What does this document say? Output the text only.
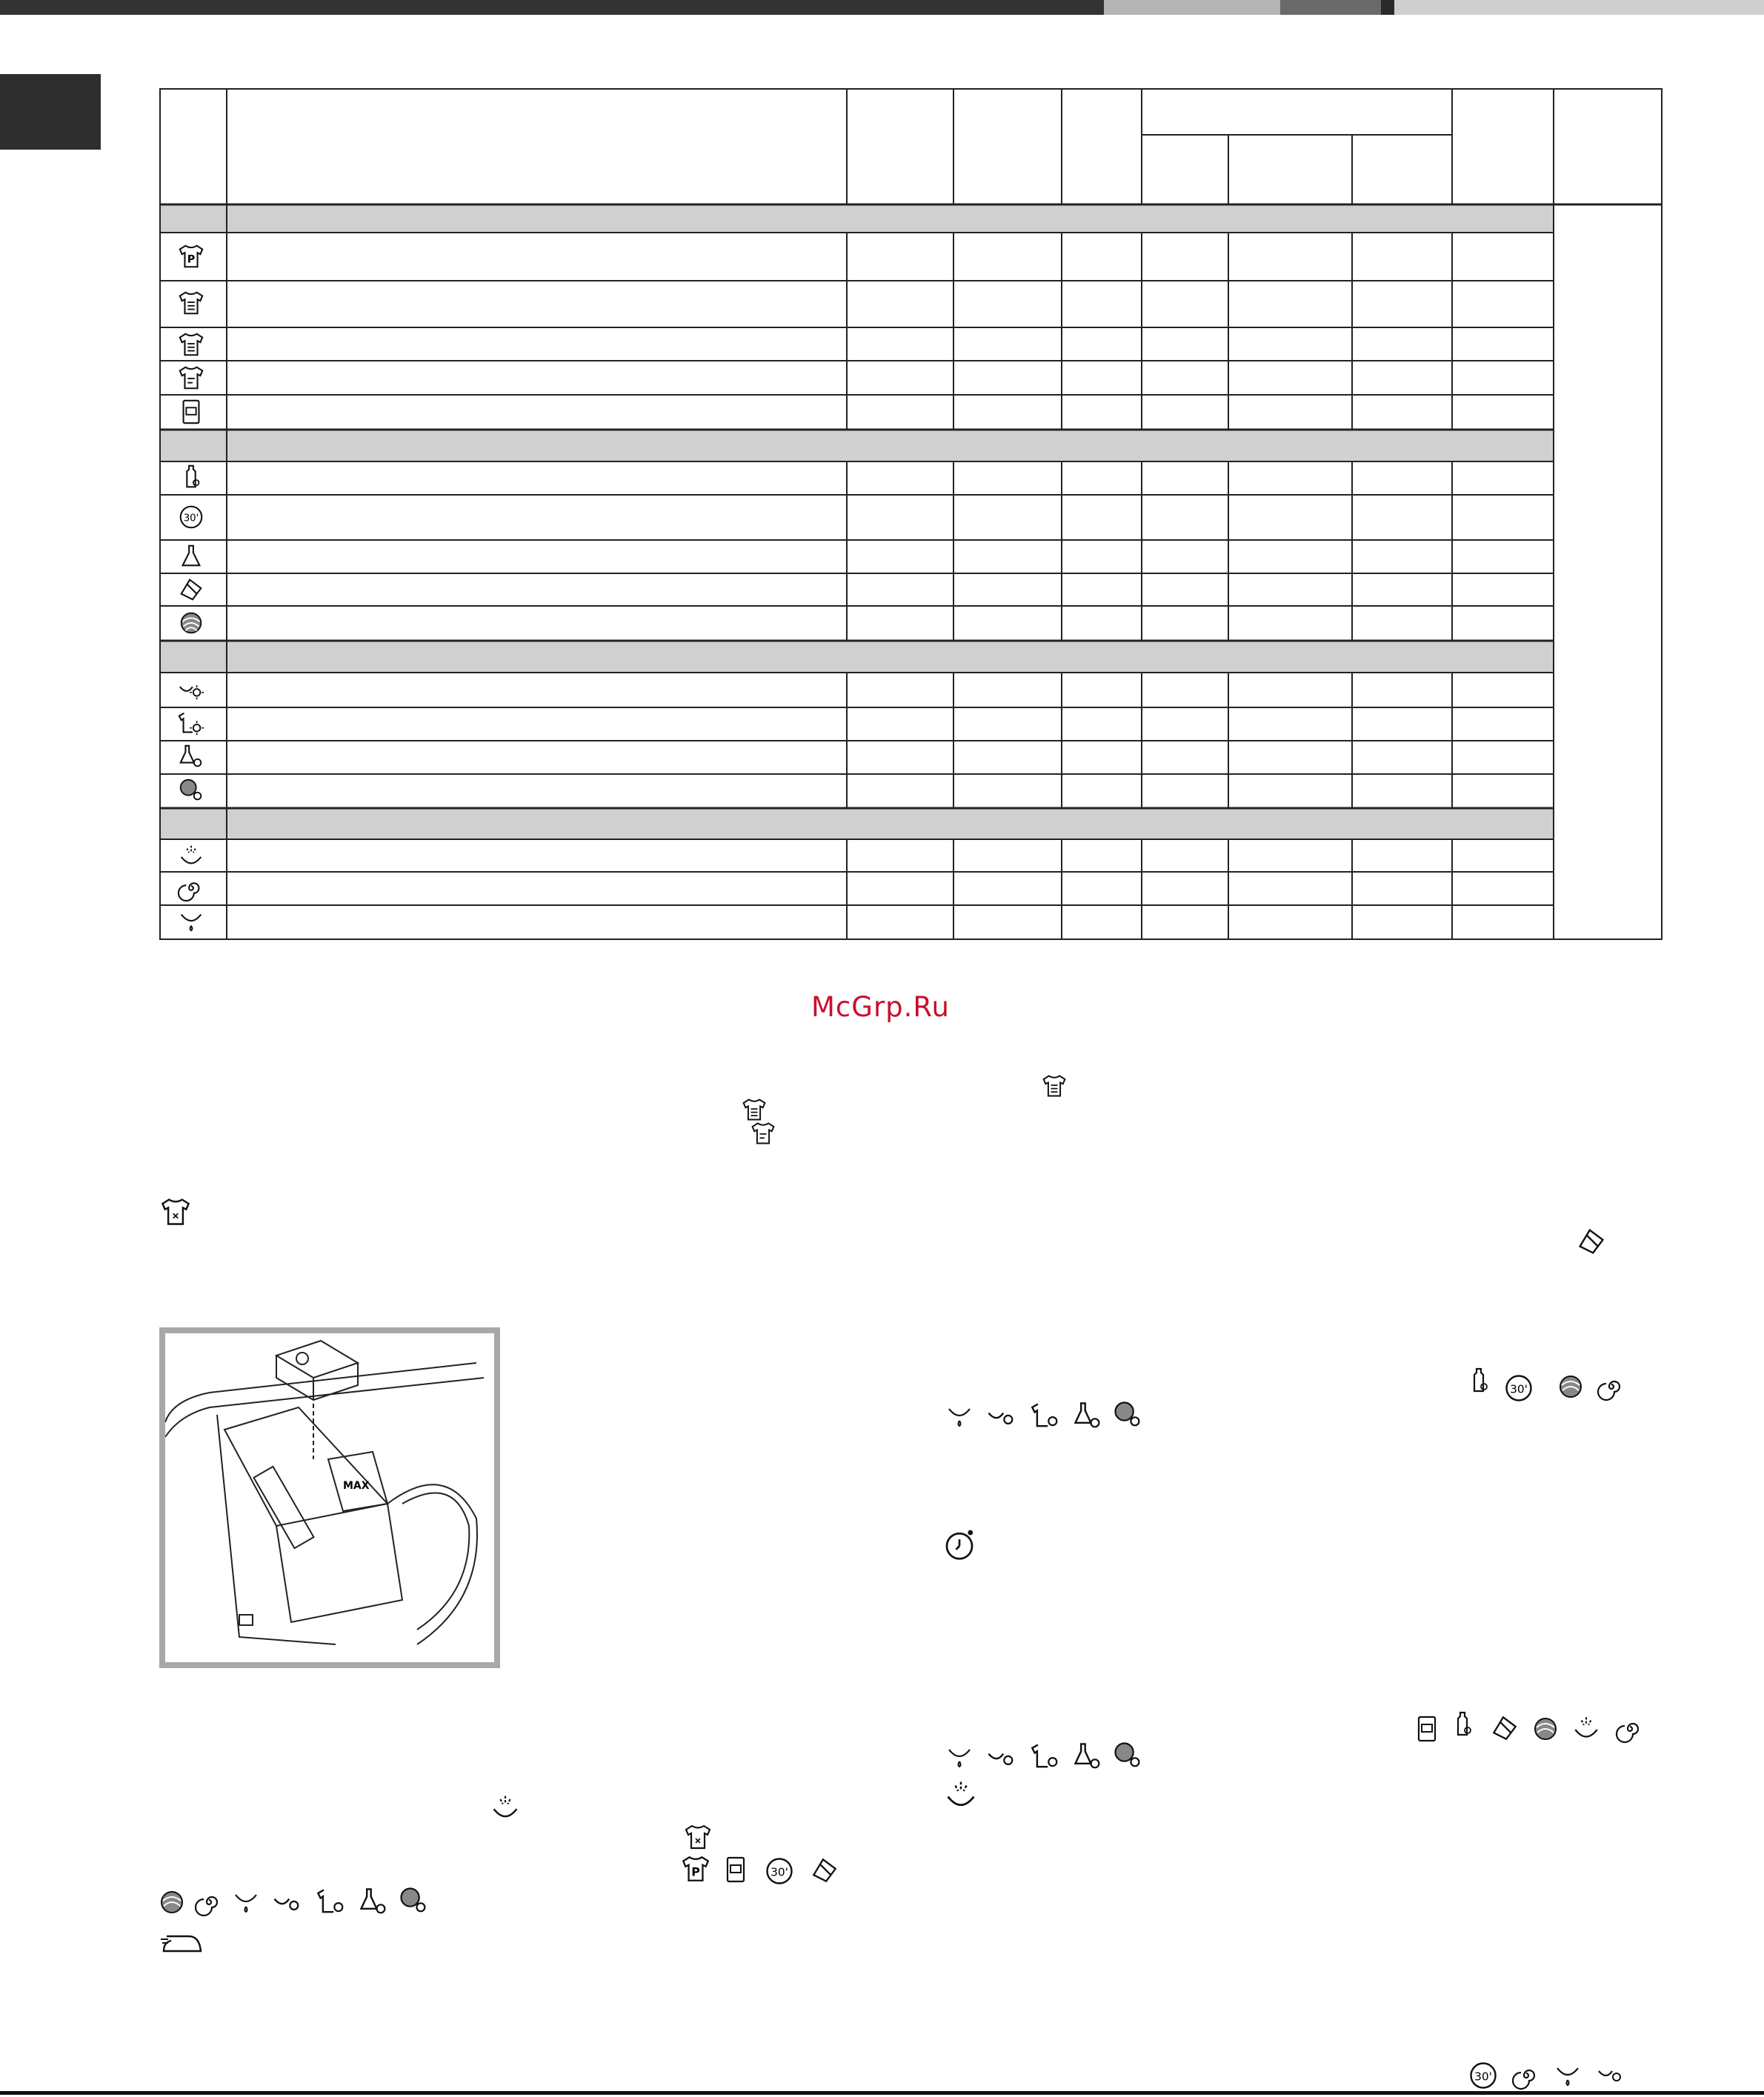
P
30'
McGrp.Ru
MAX
30'
P	30'
30'
